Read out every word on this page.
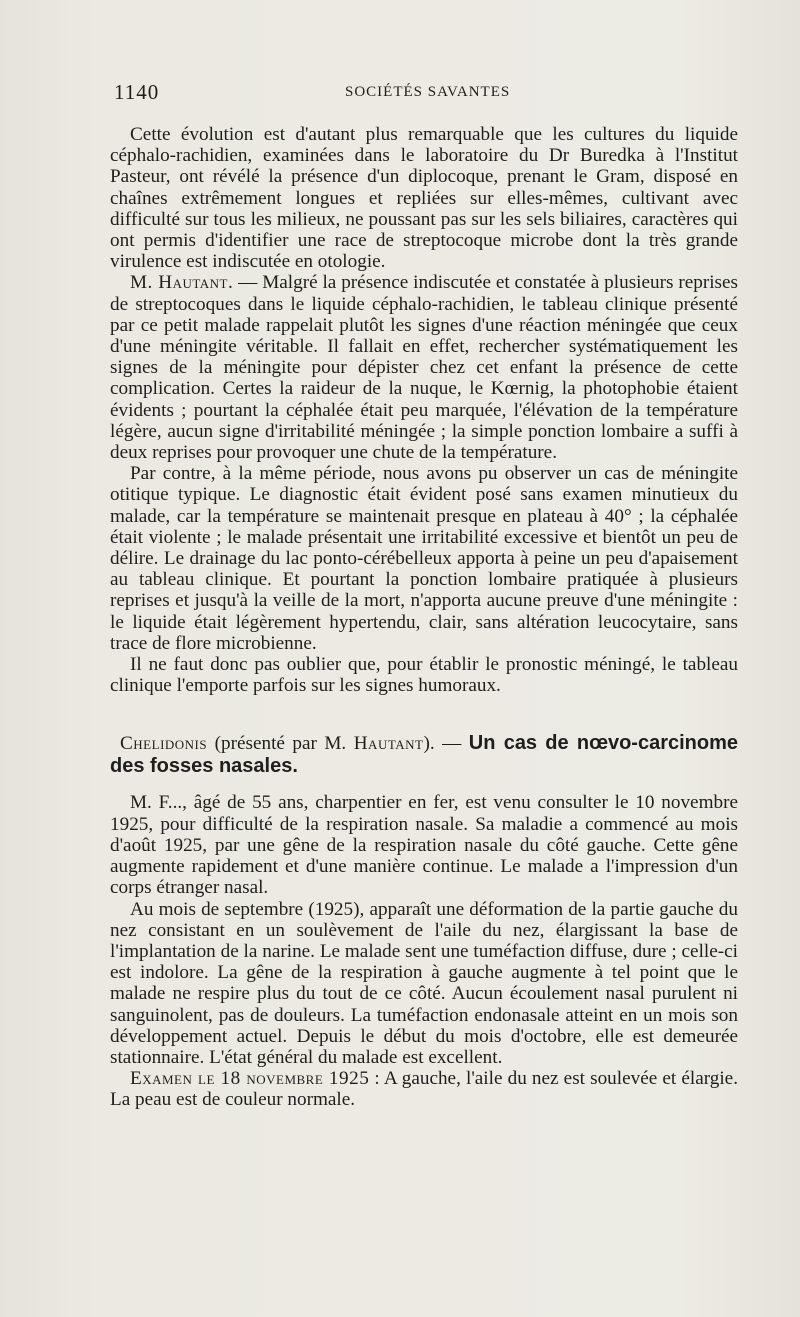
1140	SOCIÉTÉS SAVANTES

Cette évolution est d'autant plus remarquable que les cultures du liquide céphalo-rachidien, examinées dans le laboratoire du Dr Buredka à l'Institut Pasteur, ont révélé la présence d'un diplocoque, prenant le Gram, disposé en chaînes extrêmement longues et repliées sur elles-mêmes, cultivant avec difficulté sur tous les milieux, ne poussant pas sur les sels biliaires, caractères qui ont permis d'identifier une race de streptocoque microbe dont la très grande virulence est indiscutée en otologie.

M. Hautant. — Malgré la présence indiscutée et constatée à plusieurs reprises de streptocoques dans le liquide céphalo-rachidien, le tableau clinique présenté par ce petit malade rappelait plutôt les signes d'une réaction méningée que ceux d'une méningite véritable. Il fallait en effet, rechercher systématiquement les signes de la méningite pour dépister chez cet enfant la présence de cette complication. Certes la raideur de la nuque, le Kœrnig, la photophobie étaient évidents ; pourtant la céphalée était peu marquée, l'élévation de la température légère, aucun signe d'irritabilité méningée ; la simple ponction lombaire a suffi à deux reprises pour provoquer une chute de la température.

Par contre, à la même période, nous avons pu observer un cas de méningite otitique typique. Le diagnostic était évident posé sans examen minutieux du malade, car la température se maintenait presque en plateau à 40° ; la céphalée était violente ; le malade présentait une irritabilité excessive et bientôt un peu de délire. Le drainage du lac ponto-cérébelleux apporta à peine un peu d'apaisement au tableau clinique. Et pourtant la ponction lombaire pratiquée à plusieurs reprises et jusqu'à la veille de la mort, n'apporta aucune preuve d'une méningite : le liquide était légèrement hypertendu, clair, sans altération leucocytaire, sans trace de flore microbienne.

Il ne faut donc pas oublier que, pour établir le pronostic méningé, le tableau clinique l'emporte parfois sur les signes humoraux.

Chelidonis (présenté par M. Hautant). — Un cas de nœvo-carcinome des fosses nasales.

M. F..., âgé de 55 ans, charpentier en fer, est venu consulter le 10 novembre 1925, pour difficulté de la respiration nasale. Sa maladie a commencé au mois d'août 1925, par une gêne de la respiration nasale du côté gauche. Cette gêne augmente rapidement et d'une manière continue. Le malade a l'impression d'un corps étranger nasal.

Au mois de septembre (1925), apparaît une déformation de la partie gauche du nez consistant en un soulèvement de l'aile du nez, élargissant la base de l'implantation de la narine. Le malade sent une tuméfaction diffuse, dure ; celle-ci est indolore. La gêne de la respiration à gauche augmente à tel point que le malade ne respire plus du tout de ce côté. Aucun écoulement nasal purulent ni sanguinolent, pas de douleurs. La tuméfaction endonasale atteint en un mois son développement actuel. Depuis le début du mois d'octobre, elle est demeurée stationnaire. L'état général du malade est excellent.

Examen le 18 novembre 1925 : A gauche, l'aile du nez est soulevée et élargie. La peau est de couleur normale.
